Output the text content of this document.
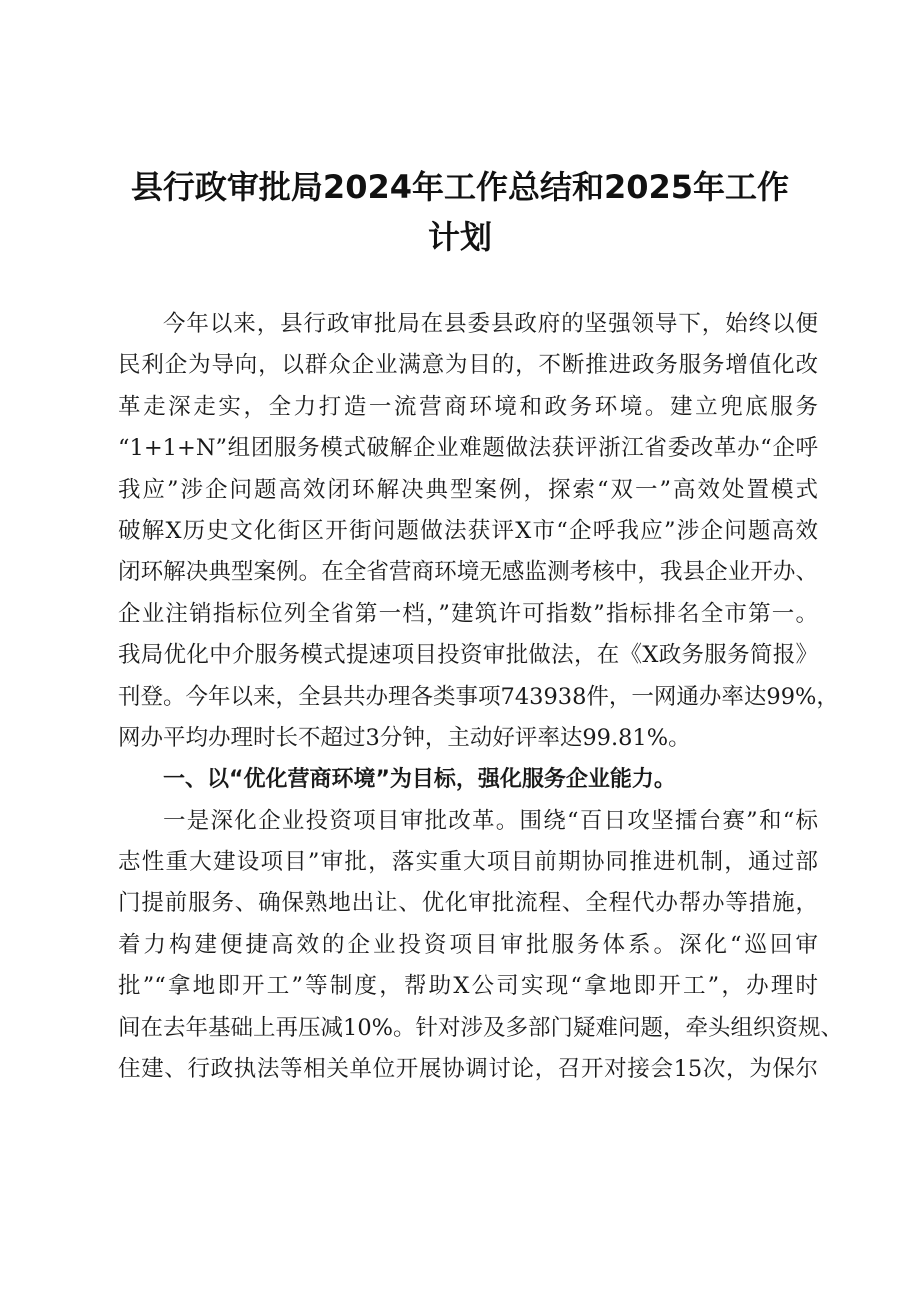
县行政审批局2024年工作总结和2025年工作
计划

今年以来，县行政审批局在县委县政府的坚强领导下，始终以便
民利企为导向，以群众企业满意为目的，不断推进政务服务增值化改
革走深走实，全力打造一流营商环境和政务环境。建立兜底服务
“1+1+N”组团服务模式破解企业难题做法获评浙江省委改革办“企呼
我应”涉企问题高效闭环解决典型案例，探索“双一”高效处置模式
破解X历史文化街区开街问题做法获评X市“企呼我应”涉企问题高效
闭环解决典型案例。在全省营商环境无感监测考核中，我县企业开办、
企业注销指标位列全省第一档，”建筑许可指数”指标排名全市第一。
我局优化中介服务模式提速项目投资审批做法，在《X政务服务简报》
刊登。今年以来，全县共办理各类事项743938件，一网通办率达99%，
网办平均办理时长不超过3分钟，主动好评率达99.81%。

一、以“优化营商环境”为目标，强化服务企业能力。

一是深化企业投资项目审批改革。围绕“百日攻坚擂台赛”和“标
志性重大建设项目”审批，落实重大项目前期协同推进机制，通过部
门提前服务、确保熟地出让、优化审批流程、全程代办帮办等措施，
着力构建便捷高效的企业投资项目审批服务体系。深化“巡回审
批”“拿地即开工”等制度，帮助X公司实现“拿地即开工”，办理时
间在去年基础上再压减10%。针对涉及多部门疑难问题，牵头组织资规、
住建、行政执法等相关单位开展协调讨论，召开对接会15次，为保尔
